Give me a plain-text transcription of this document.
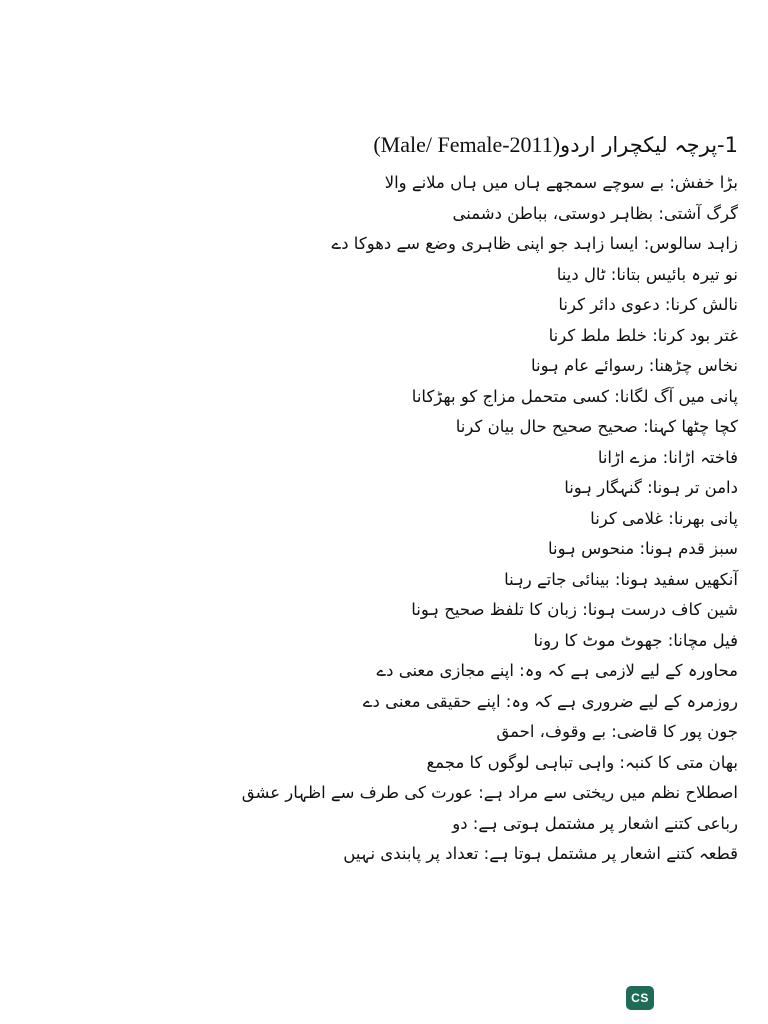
1-پرچہ لیکچرار اردو(Male/ Female-2011)
بڑا خفش: بے سوچے سمجھے ہاں میں ہاں ملانے والا
گرگ آشتی: بظاہر دوستی، بباطن دشمنی
زاہد سالوس: ایسا زاہد جو اپنی ظاہری وضع سے دھوکا دے
نو تیرہ بائیس بتانا: ٹال دینا
نالش کرنا: دعوی دائر کرنا
غتر بود کرنا: خلط ملط کرنا
نخاس چڑھنا: رسوائے عام ہونا
پانی میں آگ لگانا: کسی متحمل مزاج کو بھڑکانا
کچا چٹھا کہنا: صحیح صحیح حال بیان کرنا
فاختہ اڑانا: مزے اڑانا
دامن تر ہونا: گنہگار ہونا
پانی بھرنا: غلامی کرنا
سبز قدم ہونا: منحوس ہونا
آنکھیں سفید ہونا: بینائی جاتے رہنا
شین کاف درست ہونا: زبان کا تلفظ صحیح ہونا
فیل مچانا: جھوٹ موٹ کا رونا
محاورہ کے لیے لازمی ہے کہ وہ: اپنے مجازی معنی دے
روزمرہ کے لیے ضروری ہے کہ وہ: اپنے حقیقی معنی دے
جون پور کا قاضی: بے وقوف، احمق
بھان متی کا کنبہ: واہی تباہی لوگوں کا مجمع
اصطلاح نظم میں ریختی سے مراد ہے: عورت کی طرف سے اظہار عشق
رباعی کتنے اشعار پر مشتمل ہوتی ہے: دو
قطعہ کتنے اشعار پر مشتمل ہوتا ہے: تعداد پر پابندی نہیں
CS
